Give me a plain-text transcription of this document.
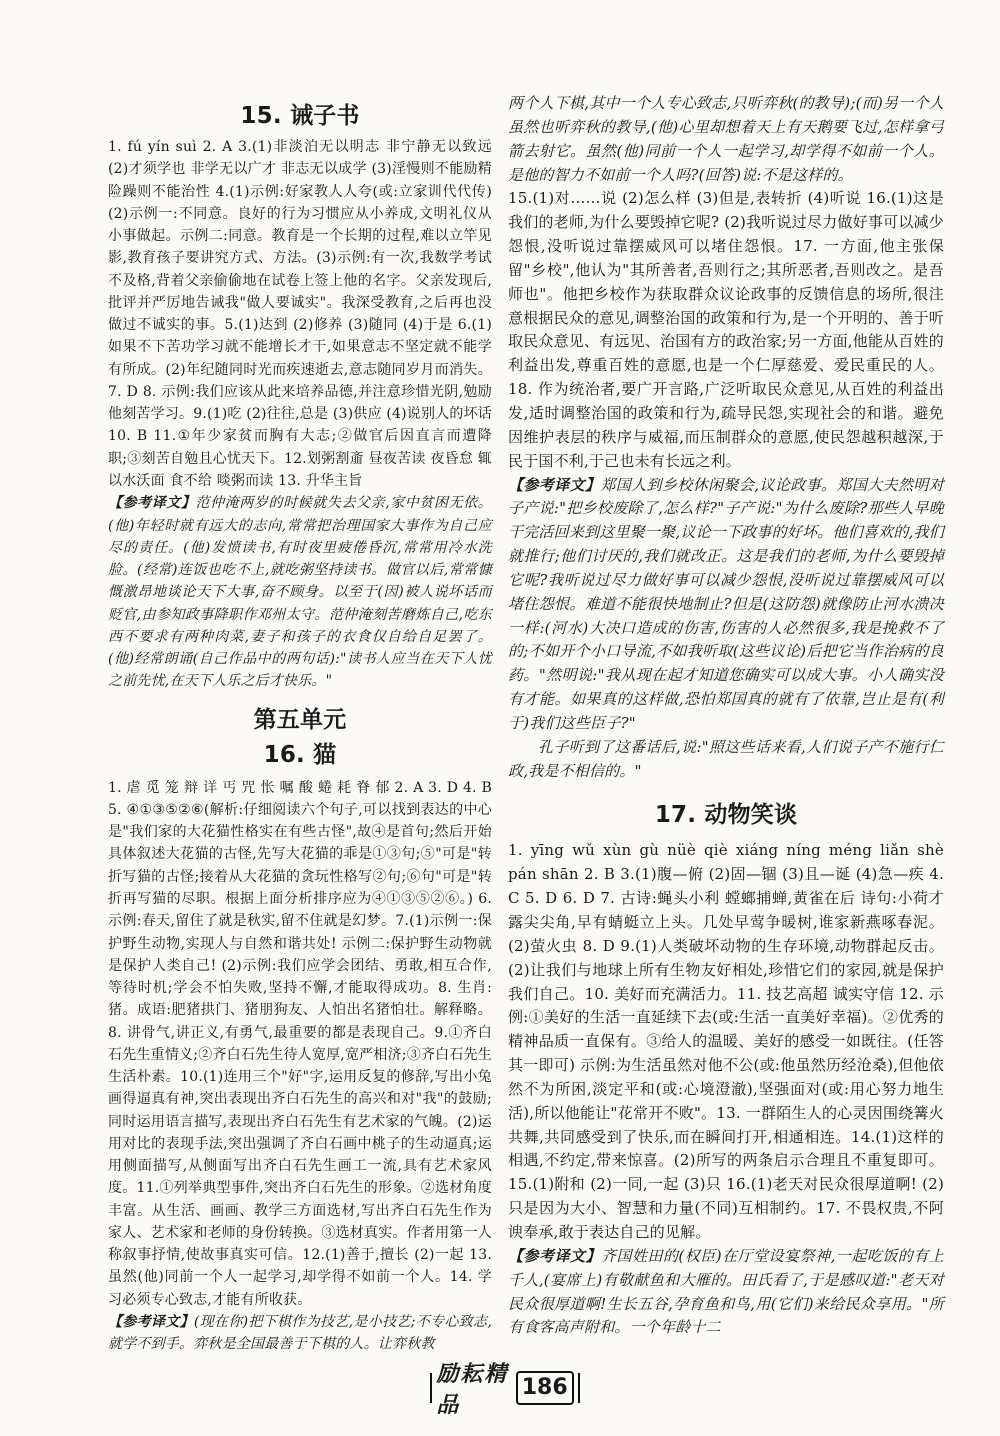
15. 诫子书

1. fú yín suì 2. A 3.(1)非淡泊无以明志 非宁静无以致远 (2)才须学也 非学无以广才 非志无以成学 (3)淫慢则不能励精 险躁则不能治性 4.(1)示例:好家教人人夸(或:立家训代代传) (2)示例一:不同意。良好的行为习惯应从小养成,文明礼仪从小事做起。示例二:同意。教育是一个长期的过程,难以立竿见影,教育孩子要讲究方式、方法。(3)示例:有一次,我数学考试不及格,背着父亲偷偷地在试卷上签上他的名字。父亲发现后,批评并严厉地告诫我"做人要诚实"。我深受教育,之后再也没做过不诚实的事。5.(1)达到 (2)修养 (3)随同 (4)于是 6.(1)如果不下苦功学习就不能增长才干,如果意志不坚定就不能学有所成。(2)年纪随同时光而疾速逝去,意志随同岁月而消失。7. D 8. 示例:我们应该从此来培养品德,并注意珍惜光阴,勉励他刻苦学习。9.(1)吃 (2)往往,总是 (3)供应 (4)说别人的坏话 10. B 11.①年少家贫而胸有大志;②做官后因直言而遭降职;③刻苦自勉且心忧天下。12.划粥割齑 昼夜苦读 夜昏怠 辄以水沃面 食不给 啖粥而读 13. 升华主旨

【参考译文】范仲淹两岁的时候就失去父亲,家中贫困无依。(他)年轻时就有远大的志向,常常把治理国家大事作为自己应尽的责任。(他)发愤读书,有时夜里疲倦昏沉,常常用冷水洗脸。(经常)连饭也吃不上,就吃粥坚持读书。做官以后,常常慷慨激昂地谈论天下大事,奋不顾身。以至于(因)被人说坏话而贬官,由参知政事降职作邓州太守。范仲淹刻苦磨炼自己,吃东西不要求有两种肉菜,妻子和孩子的衣食仅自给自足罢了。(他)经常朗诵(自己作品中的两句话):"读书人应当在天下人忧之前先忧,在天下人乐之后才快乐。"

第五单元
16. 猫

1. 虐 觅 笼 辩 详 丐 咒 怅 嘱 酸 蜷 耗 脊 郁 2. A 3. D 4. B 5. ④①③⑤②⑥(解析:仔细阅读六个句子,可以找到表达的中心是"我们家的大花猫性格实在有些古怪",故④是首句;然后开始具体叙述大花猫的古怪,先写大花猫的乖是①③句;⑤"可是"转折写猫的古怪;接着从大花猫的贪玩性格写②句;⑥句"可是"转折再写猫的尽职。根据上面分析排序应为④①③⑤②⑥。) 6. 示例:春天,留住了就是秋实,留不住就是幻梦。7.(1)示例一:保护野生动物,实现人与自然和谐共处! 示例二:保护野生动物就是保护人类自己! (2)示例:我们应学会团结、勇敢,相互合作,等待时机;学会不怕失败,坚持不懈,才能取得成功。8. 生肖:猪。成语:肥猪拱门、猪朋狗友、人怕出名猪怕壮。解释略。8. 讲骨气,讲正义,有勇气,最重要的都是表现自己。9.①齐白石先生重情义;②齐白石先生待人宽厚,宽严相济;③齐白石先生生活朴素。10.(1)连用三个"好"字,运用反复的修辞,写出小兔画得逼真有神,突出表现出齐白石先生的高兴和对"我"的鼓励;同时运用语言描写,表现出齐白石先生有艺术家的气魄。(2)运用对比的表现手法,突出强调了齐白石画中桃子的生动逼真;运用侧面描写,从侧面写出齐白石先生画工一流,具有艺术家风度。11.①列举典型事件,突出齐白石先生的形象。②选材角度丰富。从生活、画画、教学三方面选材,写出齐白石先生作为家人、艺术家和老师的身份转换。③选材真实。作者用第一人称叙事抒情,使故事真实可信。12.(1)善于,擅长 (2)一起 13. 虽然(他)同前一个人一起学习,却学得不如前一个人。14. 学习必须专心致志,才能有所收获。

【参考译文】(现在你)把下棋作为技艺,是小技艺;不专心致志,就学不到手。弈秋是全国最善于下棋的人。让弈秋教

两个人下棋,其中一个人专心致志,只听弈秋(的教导);(而)另一个人虽然也听弈秋的教导,(他)心里却想着天上有天鹅要飞过,怎样拿弓箭去射它。虽然(他)同前一个人一起学习,却学得不如前一个人。是他的智力不如前一个人吗?(回答)说:不是这样的。

15.(1)对……说 (2)怎么样 (3)但是,表转折 (4)听说 16.(1)这是我们的老师,为什么要毁掉它呢? (2)我听说过尽力做好事可以减少怨恨,没听说过靠摆威风可以堵住怨恨。17. 一方面,他主张保留"乡校",他认为"其所善者,吾则行之;其所恶者,吾则改之。是吾师也"。他把乡校作为获取群众议论政事的反馈信息的场所,很注意根据民众的意见,调整治国的政策和行为,是一个开明的、善于听取民众意见、有远见、治国有方的政治家;另一方面,他能从百姓的利益出发,尊重百姓的意愿,也是一个仁厚慈爱、爱民重民的人。18. 作为统治者,要广开言路,广泛听取民众意见,从百姓的利益出发,适时调整治国的政策和行为,疏导民怨,实现社会的和谐。避免因维护表层的秩序与威福,而压制群众的意愿,使民怨越积越深,于民于国不利,于己也未有长远之利。

【参考译文】郑国人到乡校休闲聚会,议论政事。郑国大夫然明对子产说:"把乡校废除了,怎么样?"子产说:"为什么废除?那些人早晚干完活回来到这里聚一聚,议论一下政事的好坏。他们喜欢的,我们就推行;他们讨厌的,我们就改正。这是我们的老师,为什么要毁掉它呢?我听说过尽力做好事可以减少怨恨,没听说过靠摆威风可以堵住怨恨。难道不能很快地制止?但是(这防怨)就像防止河水溃决一样:(河水)大决口造成的伤害,伤害的人必然很多,我是挽救不了的;不如开个小口导流,不如我听取(这些议论)后把它当作治病的良药。"然明说:"我从现在起才知道您确实可以成大事。小人确实没有才能。如果真的这样做,恐怕郑国真的就有了依靠,岂止是有(利于)我们这些臣子?"

孔子听到了这番话后,说:"照这些话来看,人们说子产不施行仁政,我是不相信的。"

17. 动物笑谈

1. yīng wǔ xùn gù nüè qiè xiáng níng méng liǎn shè pán shān 2. B 3.(1)腹—俯 (2)固—锢 (3)且—诞 (4)急—疾 4. C 5. D 6. D 7. 古诗:蝇头小利 螳螂捕蝉,黄雀在后 诗句:小荷才露尖尖角,早有蜻蜓立上头。几处早莺争暖树,谁家新燕啄春泥。(2)萤火虫 8. D 9.(1)人类破坏动物的生存环境,动物群起反击。(2)让我们与地球上所有生物友好相处,珍惜它们的家园,就是保护我们自己。10. 美好而充满活力。11. 技艺高超 诚实守信 12. 示例:①美好的生活一直延续下去(或:生活一直美好幸福)。②优秀的精神品质一直保有。③给人的温暖、美好的感受一如既往。(任答其一即可) 示例:为生活虽然对他不公(或:他虽然历经沧桑),但他依然不为所困,淡定平和(或:心境澄澈),坚强面对(或:用心努力地生活),所以他能让"花常开不败"。13. 一群陌生人的心灵因围绕篝火共舞,共同感受到了快乐,而在瞬间打开,相通相连。14.(1)这样的相遇,不约定,带来惊喜。(2)所写的两条启示合理且不重复即可。15.(1)附和 (2)一同,一起 (3)只 16.(1)老天对民众很厚道啊! (2)只是因为大小、智慧和力量(不同)互相制约。17. 不畏权贵,不阿谀奉承,敢于表达自己的见解。

【参考译文】齐国姓田的(权臣)在厅堂设宴祭神,一起吃饭的有上千人,(宴席上)有敬献鱼和大雁的。田氏看了,于是感叹道:"老天对民众很厚道啊!生长五谷,孕育鱼和鸟,用(它们)来给民众享用。"所有食客高声附和。一个年龄十二

励耘精品
186
